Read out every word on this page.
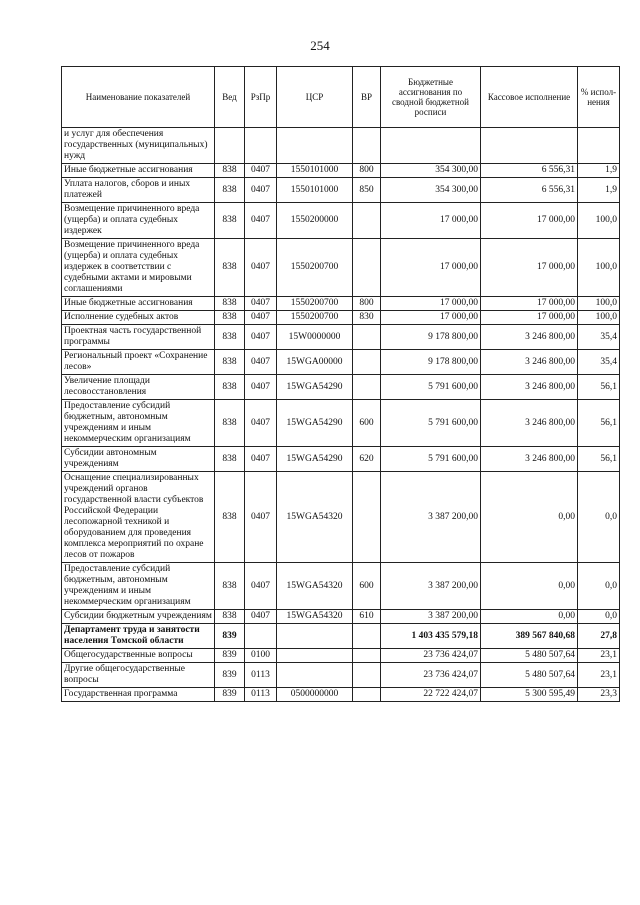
254
Наименование показателей	Вед	РзПр	ЦСР	ВР	Бюджетные ассигнования по сводной бюджетной росписи	Кассовое исполнение	% испол-нения
и услуг для обеспечения государственных (муниципальных) нужд							
Иные бюджетные ассигнования	838	0407	1550101000	800	354 300,00	6 556,31	1,9
Уплата налогов, сборов и иных платежей	838	0407	1550101000	850	354 300,00	6 556,31	1,9
Возмещение причиненного вреда (ущерба) и оплата судебных издержек	838	0407	1550200000		17 000,00	17 000,00	100,0
Возмещение причиненного вреда (ущерба) и оплата судебных издержек в соответствии с судебными актами и мировыми соглашениями	838	0407	1550200700		17 000,00	17 000,00	100,0
Иные бюджетные ассигнования	838	0407	1550200700	800	17 000,00	17 000,00	100,0
Исполнение судебных актов	838	0407	1550200700	830	17 000,00	17 000,00	100,0
Проектная часть государственной программы	838	0407	15W0000000		9 178 800,00	3 246 800,00	35,4
Региональный проект «Сохранение лесов»	838	0407	15WGA00000		9 178 800,00	3 246 800,00	35,4
Увеличение площади лесовосстановления	838	0407	15WGA54290		5 791 600,00	3 246 800,00	56,1
Предоставление субсидий бюджетным, автономным учреждениям и иным некоммерческим организациям	838	0407	15WGA54290	600	5 791 600,00	3 246 800,00	56,1
Субсидии автономным учреждениям	838	0407	15WGA54290	620	5 791 600,00	3 246 800,00	56,1
Оснащение специализированных учреждений органов государственной власти субъектов Российской Федерации лесопожарной техникой и оборудованием для проведения комплекса мероприятий по охране лесов от пожаров	838	0407	15WGA54320		3 387 200,00	0,00	0,0
Предоставление субсидий бюджетным, автономным учреждениям и иным некоммерческим организациям	838	0407	15WGA54320	600	3 387 200,00	0,00	0,0
Субсидии бюджетным учреждениям	838	0407	15WGA54320	610	3 387 200,00	0,00	0,0
Департамент труда и занятости населения Томской области	839				1 403 435 579,18	389 567 840,68	27,8
Общегосударственные вопросы	839	0100			23 736 424,07	5 480 507,64	23,1
Другие общегосударственные вопросы	839	0113			23 736 424,07	5 480 507,64	23,1
Государственная программа	839	0113	0500000000		22 722 424,07	5 300 595,49	23,3
